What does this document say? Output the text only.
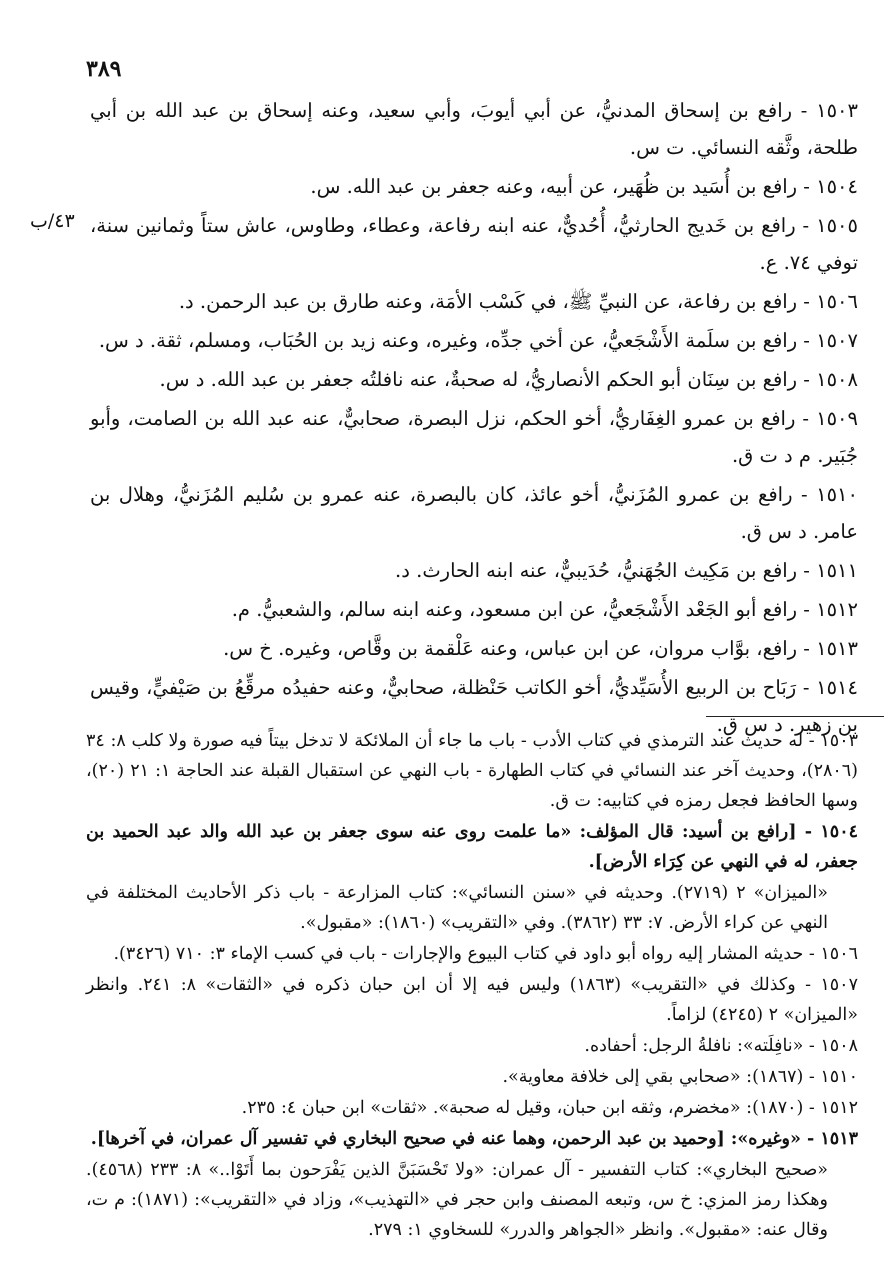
٣٨٩
٤٣/ب

١٥٠٣ - رافع بن إسحاق المدنيُّ، عن أبي أيوبَ، وأبي سعيد، وعنه إسحاق بن عبد الله بن أبي طلحة، وثَّقه النسائي. ت س.

١٥٠٤ - رافع بن أُسَيد بن ظُهَير، عن أبيه، وعنه جعفر بن عبد الله. س.

١٥٠٥ - رافع بن خَديج الحارثيُّ، أُحُديٌّ، عنه ابنه رفاعة، وعطاء، وطاوس، عاش ستاً وثمانين سنة، توفي ٧٤. ع.

١٥٠٦ - رافع بن رفاعة، عن النبيِّ ﷺ، في كَسْب الأمَة، وعنه طارق بن عبد الرحمن. د.

١٥٠٧ - رافع بن سلَمة الأَشْجَعيُّ، عن أخي جدِّه، وغيره، وعنه زيد بن الحُبَاب، ومسلم، ثقة. د س.

١٥٠٨ - رافع بن سِنَان أبو الحكم الأنصاريُّ، له صحبةٌ، عنه نافلتُه جعفر بن عبد الله. د س.

١٥٠٩ - رافع بن عمرو الغِفَاريُّ، أخو الحكم، نزل البصرة، صحابيٌّ، عنه عبد الله بن الصامت، وأبو جُبَير. م د ت ق.

١٥١٠ - رافع بن عمرو المُزَنيُّ، أخو عائذ، كان بالبصرة، عنه عمرو بن سُليم المُزَنيُّ، وهلال بن عامر. د س ق.

١٥١١ - رافع بن مَكِيث الجُهَنيُّ، حُدَيبيٌّ، عنه ابنه الحارث. د.

١٥١٢ - رافع أبو الجَعْد الأَشْجَعيُّ، عن ابن مسعود، وعنه ابنه سالم، والشعبيُّ. م.

١٥١٣ - رافع، بوَّاب مروان، عن ابن عباس، وعنه عَلْقمة بن وقَّاص، وغيره. خ س.

١٥١٤ - رَبَاح بن الربيع الأُسَيِّديُّ، أخو الكاتب حَنْظلة، صحابيٌّ، وعنه حفيدُه مرقِّعُ بن صَيْفيٍّ، وقيس بن زهير. د س ق.

١٥٠٣ - له حديث عند الترمذي في كتاب الأدب - باب ما جاء أن الملائكة لا تدخل بيتاً فيه صورة ولا كلب ٨: ٣٤ (٢٨٠٦)، وحديث آخر عند النسائي في كتاب الطهارة - باب النهي عن استقبال القبلة عند الحاجة ١: ٢١ (٢٠)، وسها الحافظ فجعل رمزه في كتابيه: ت ق.

١٥٠٤ - [رافع بن أسيد: قال المؤلف: «ما علمت روى عنه سوى جعفر بن عبد الله والد عبد الحميد بن جعفر، له في النهي عن كِرَاء الأرض].

«الميزان» ٢ (٢٧١٩). وحديثه في «سنن النسائي»: كتاب المزارعة - باب ذكر الأحاديث المختلفة في النهي عن كراء الأرض. ٧: ٣٣ (٣٨٦٢). وفي «التقريب» (١٨٦٠): «مقبول».

١٥٠٦ - حديثه المشار إليه رواه أبو داود في كتاب البيوع والإجارات - باب في كسب الإماء ٣: ٧١٠ (٣٤٢٦).

١٥٠٧ - وكذلك في «التقريب» (١٨٦٣) وليس فيه إلا أن ابن حبان ذكره في «الثقات» ٨: ٢٤١. وانظر «الميزان» ٢ (٤٢٤٥) لزاماً.

١٥٠٨ - «نافِلَته»: نافلةُ الرجل: أحفاده.

١٥١٠ - (١٨٦٧): «صحابي بقي إلى خلافة معاوية».

١٥١٢ - (١٨٧٠): «مخضرم، وثقه ابن حبان، وقيل له صحبة». «ثقات» ابن حبان ٤: ٢٣٥.

١٥١٣ - «وغيره»: [وحميد بن عبد الرحمن، وهما عنه في صحيح البخاري في تفسير آل عمران، في آخرها].

«صحيح البخاري»: كتاب التفسير - آل عمران: «ولا تَحْسَبَنَّ الذين يَفْرَحون بما أَتَوْا..» ٨: ٢٣٣ (٤٥٦٨). وهكذا رمز المزي: خ س، وتبعه المصنف وابن حجر في «التهذيب»، وزاد في «التقريب»: (١٨٧١): م ت، وقال عنه: «مقبول». وانظر «الجواهر والدرر» للسخاوي ١: ٢٧٩.
